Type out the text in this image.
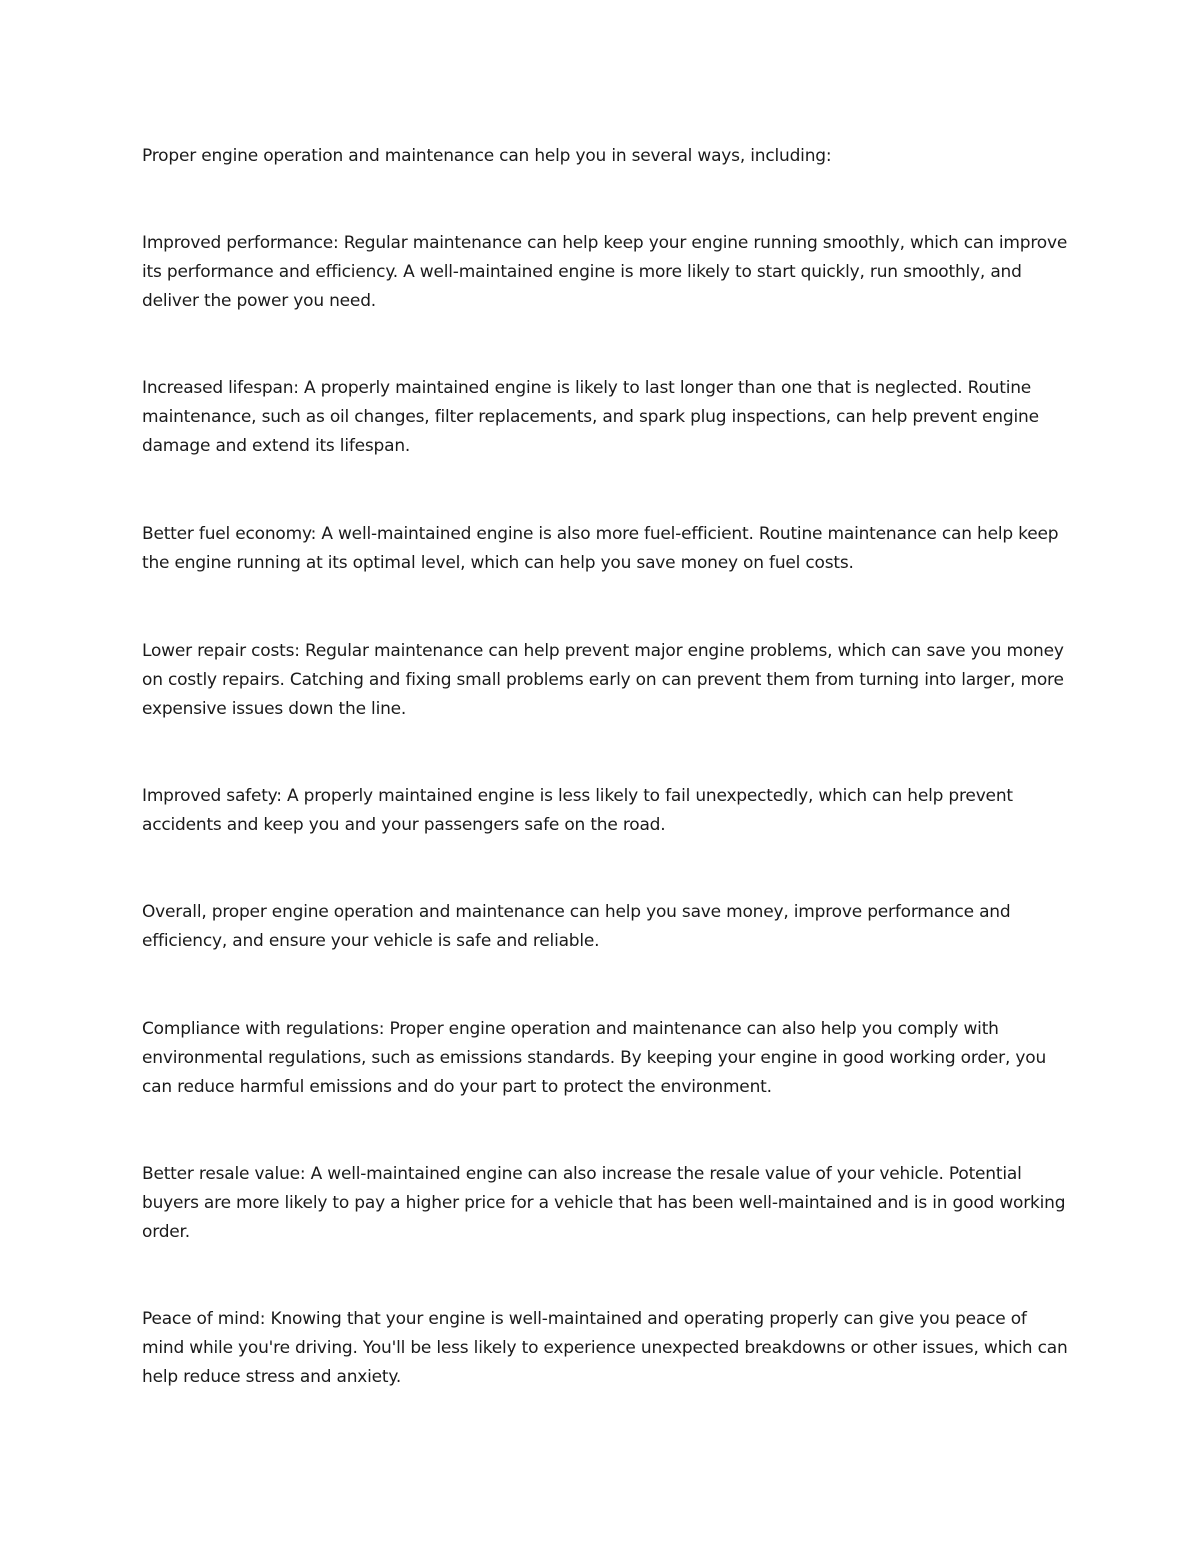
Proper engine operation and maintenance can help you in several ways, including:

Improved performance: Regular maintenance can help keep your engine running smoothly, which can improve its performance and efficiency. A well-maintained engine is more likely to start quickly, run smoothly, and deliver the power you need.

Increased lifespan: A properly maintained engine is likely to last longer than one that is neglected. Routine maintenance, such as oil changes, filter replacements, and spark plug inspections, can help prevent engine damage and extend its lifespan.

Better fuel economy: A well-maintained engine is also more fuel-efficient. Routine maintenance can help keep the engine running at its optimal level, which can help you save money on fuel costs.

Lower repair costs: Regular maintenance can help prevent major engine problems, which can save you money on costly repairs. Catching and fixing small problems early on can prevent them from turning into larger, more expensive issues down the line.

Improved safety: A properly maintained engine is less likely to fail unexpectedly, which can help prevent accidents and keep you and your passengers safe on the road.

Overall, proper engine operation and maintenance can help you save money, improve performance and efficiency, and ensure your vehicle is safe and reliable.

Compliance with regulations: Proper engine operation and maintenance can also help you comply with environmental regulations, such as emissions standards. By keeping your engine in good working order, you can reduce harmful emissions and do your part to protect the environment.

Better resale value: A well-maintained engine can also increase the resale value of your vehicle. Potential buyers are more likely to pay a higher price for a vehicle that has been well-maintained and is in good working order.

Peace of mind: Knowing that your engine is well-maintained and operating properly can give you peace of mind while you're driving. You'll be less likely to experience unexpected breakdowns or other issues, which can help reduce stress and anxiety.
